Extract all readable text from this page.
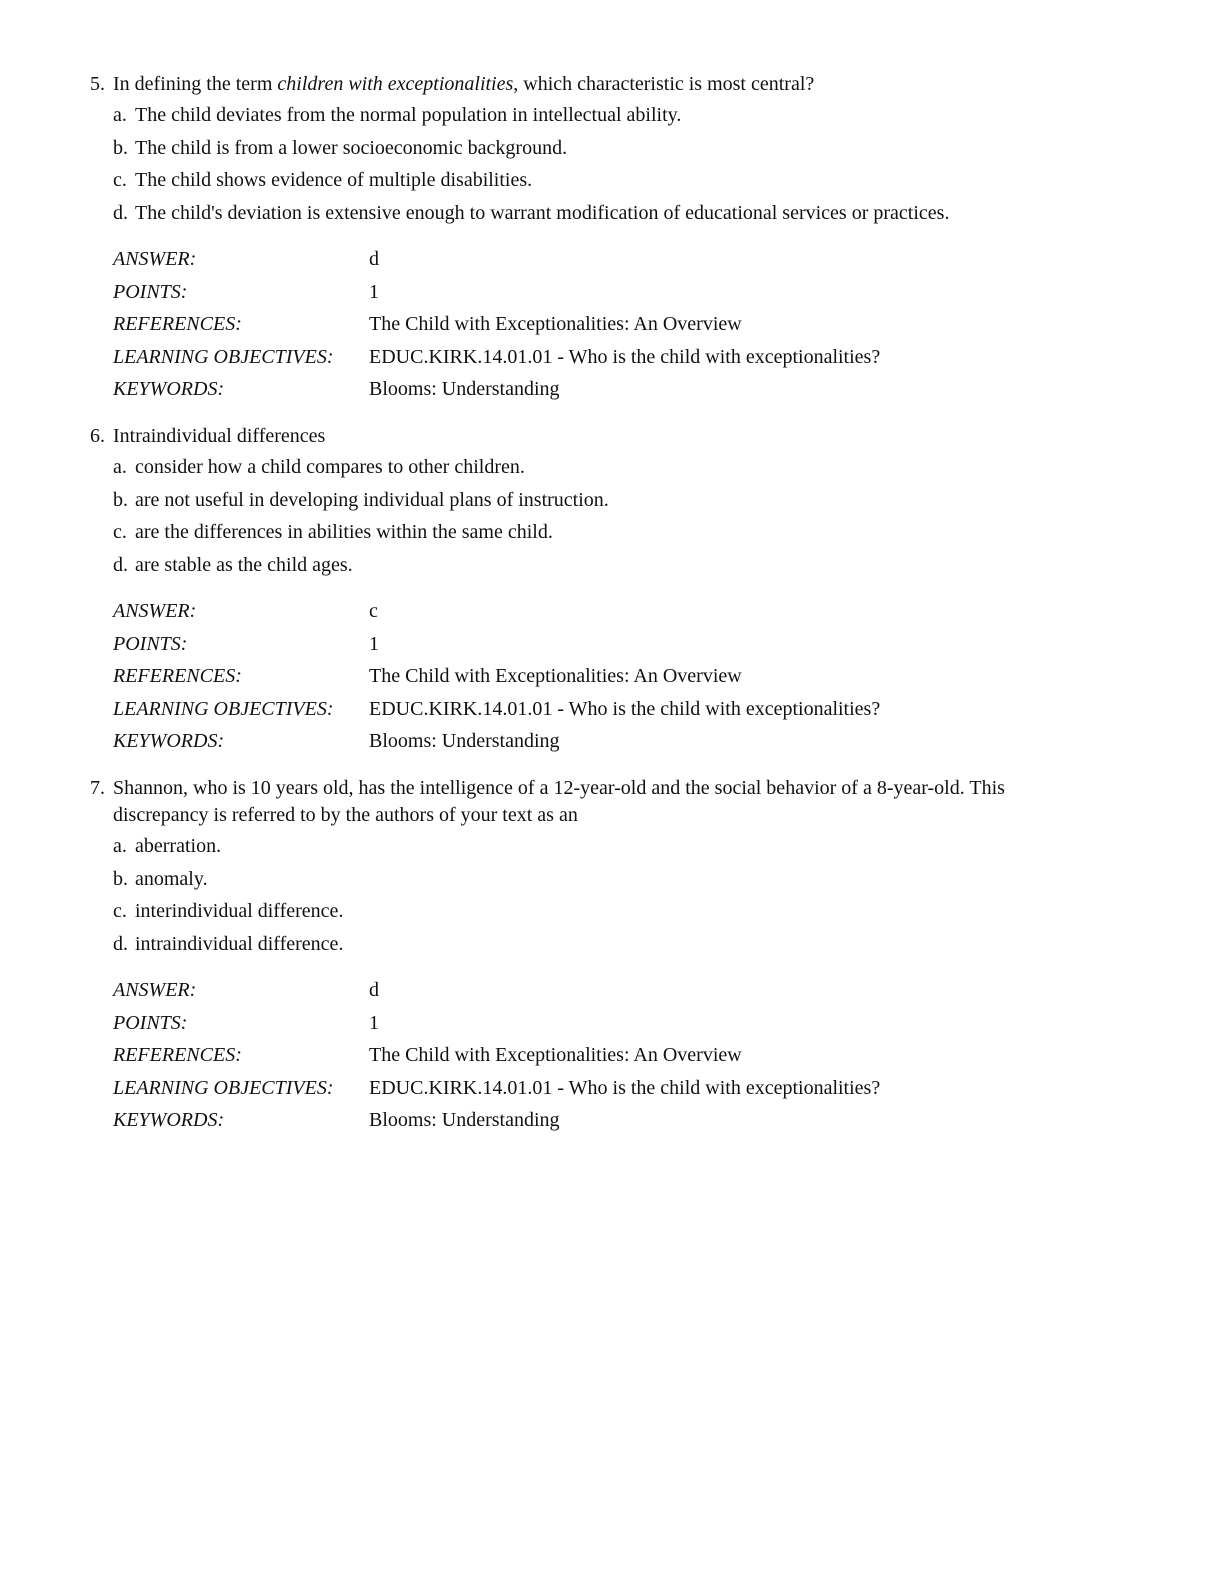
5. In defining the term children with exceptionalities, which characteristic is most central?
a. The child deviates from the normal population in intellectual ability.
b. The child is from a lower socioeconomic background.
c. The child shows evidence of multiple disabilities.
d. The child's deviation is extensive enough to warrant modification of educational services or practices.
ANSWER:	d
POINTS:	1
REFERENCES:	The Child with Exceptionalities: An Overview
LEARNING OBJECTIVES:	EDUC.KIRK.14.01.01 - Who is the child with exceptionalities?
KEYWORDS:	Blooms: Understanding
6. Intraindividual differences
a. consider how a child compares to other children.
b. are not useful in developing individual plans of instruction.
c. are the differences in abilities within the same child.
d. are stable as the child ages.
ANSWER:	c
POINTS:	1
REFERENCES:	The Child with Exceptionalities: An Overview
LEARNING OBJECTIVES:	EDUC.KIRK.14.01.01 - Who is the child with exceptionalities?
KEYWORDS:	Blooms: Understanding
7. Shannon, who is 10 years old, has the intelligence of a 12-year-old and the social behavior of a 8-year-old. This discrepancy is referred to by the authors of your text as an
a. aberration.
b. anomaly.
c. interindividual difference.
d. intraindividual difference.
ANSWER:	d
POINTS:	1
REFERENCES:	The Child with Exceptionalities: An Overview
LEARNING OBJECTIVES:	EDUC.KIRK.14.01.01 - Who is the child with exceptionalities?
KEYWORDS:	Blooms: Understanding
